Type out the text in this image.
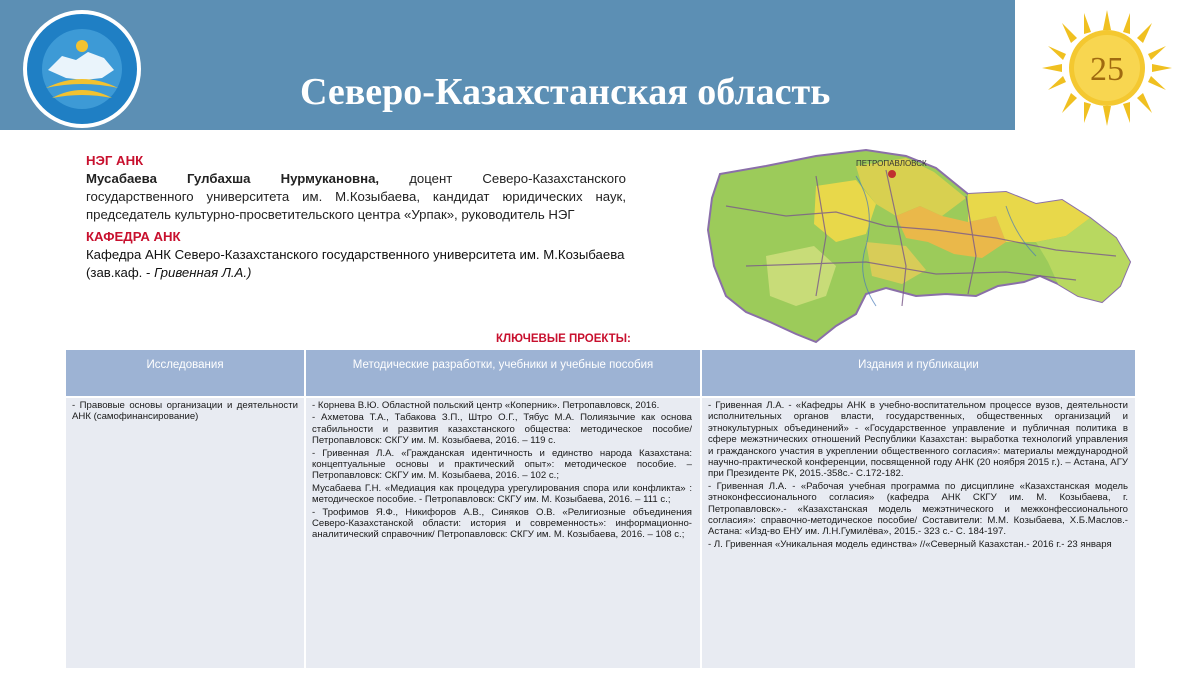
25
Северо-Казахстанская область
НЭГ АНК

Мусабаева Гулбахша Нурмукановна, доцент Северо-Казахстанского государственного университета им. М.Козыбаева, кандидат юридических наук, председатель культурно-просветительского центра «Урпак», руководитель НЭГ

КАФЕДРА АНК

Кафедра АНК Северо-Казахстанского государственного университета им. М.Козыбаева (зав.каф. - Гривенная Л.А.)

ПЕТРОПАВЛОВСК
КЛЮЧЕВЫЕ ПРОЕКТЫ:
Исследования	Методические разработки, учебники и учебные пособия	Издания и публикации

- Правовые основы организации и деятельности АНК (самофинансирование)

- Корнева В.Ю. Областной польский центр «Коперник». Петропавловск, 2016.

- Ахметова Т.А., Табакова З.П., Штро О.Г., Тябус М.А. Полиязычие как основа стабильности и развития казахстанского общества: методическое пособие/ Петропавловск: СКГУ им. М. Козыбаева, 2016. – 119 с.

- Гривенная Л.А. «Гражданская идентичность и единство народа Казахстана: концептуальные основы и практический опыт»: методическое пособие. – Петропавловск: СКГУ им. М. Козыбаева, 2016. – 102 с.;

Мусабаева Г.Н. «Медиация как процедура урегулирования спора или конфликта» : методическое пособие. - Петропавловск: СКГУ им. М. Козыбаева, 2016. – 111 с.;

- Трофимов Я.Ф., Никифоров А.В., Синяков О.В. «Религиозные объединения Северо-Казахстанской области: история и современность»: информационно-аналитический справочник/ Петропавловск: СКГУ им. М. Козыбаева, 2016. – 108 с.;

- Гривенная Л.А. - «Кафедры АНК в учебно-воспитательном процессе вузов, деятельности исполнительных органов власти, государственных, общественных организаций и этнокультурных объединений» - «Государственное управление и публичная политика в сфере межэтнических отношений Республики Казахстан: выработка технологий управления и гражданского участия в укреплении общественного согласия»: материалы международной научно-практической конференции, посвященной году АНК (20 ноября 2015 г.). – Астана, АГУ при Президенте РК, 2015.-358с.- С.172-182.

- Гривенная Л.А. - «Рабочая учебная программа по дисциплине «Казахстанская модель этноконфессионального согласия» (кафедра АНК СКГУ им. М. Козыбаева, г. Петропавловск».- «Казахстанская модель межэтнического и межконфессионального согласия»: справочно-методическое пособие/ Составители: М.М. Козыбаева, Х.Б.Маслов.- Астана: «Изд-во ЕНУ им. Л.Н.Гумилёва», 2015.- 323 с.- С. 184-197.

- Л. Гривенная «Уникальная модель единства» //«Северный Казахстан.- 2016 г.- 23 января
